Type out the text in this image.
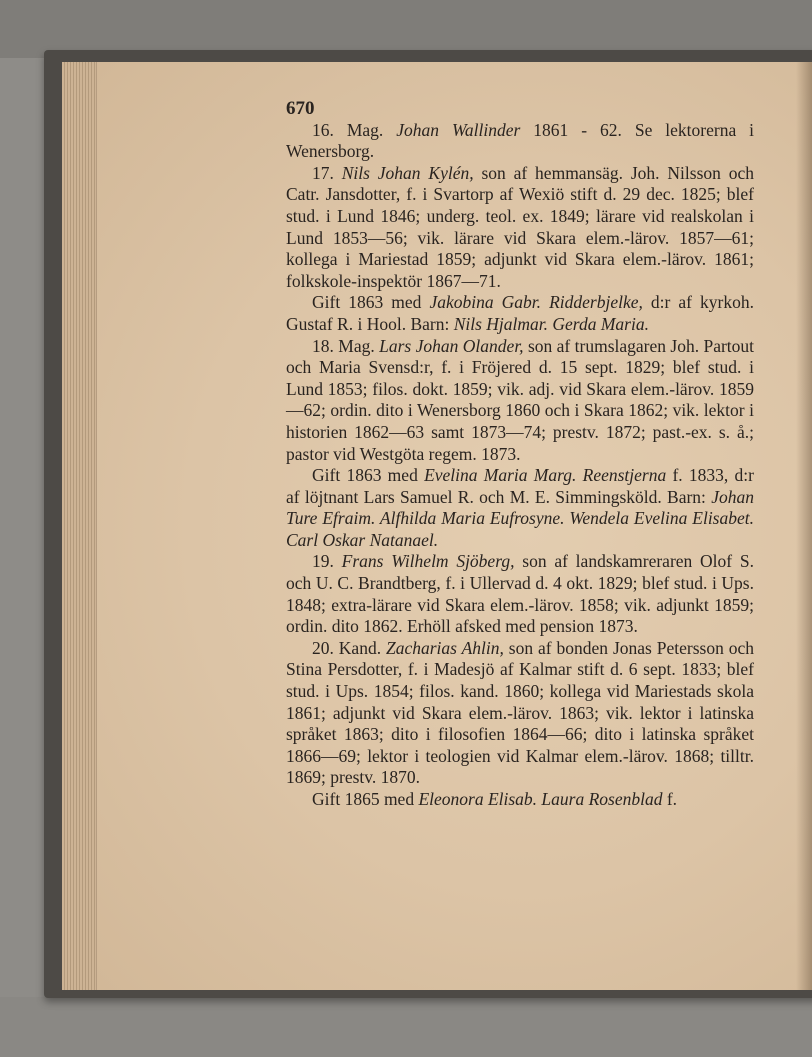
670

16. Mag. Johan Wallinder 1861 - 62. Se lektorerna i Wenersborg.

17. Nils Johan Kylén, son af hemmansäg. Joh. Nilsson och Catr. Jansdotter, f. i Svartorp af Wexiö stift d. 29 dec. 1825; blef stud. i Lund 1846; underg. teol. ex. 1849; lärare vid realskolan i Lund 1853—56; vik. lärare vid Skara elem.-lärov. 1857—61; kollega i Mariestad 1859; adjunkt vid Skara elem.-lärov. 1861; folkskole-inspektör 1867—71.

Gift 1863 med Jakobina Gabr. Ridderbjelke, d:r af kyrkoh. Gustaf R. i Hool. Barn: Nils Hjalmar. Gerda Maria.

18. Mag. Lars Johan Olander, son af trumslagaren Joh. Partout och Maria Svensd:r, f. i Fröjered d. 15 sept. 1829; blef stud. i Lund 1853; filos. dokt. 1859; vik. adj. vid Skara elem.-lärov. 1859—62; ordin. dito i Wenersborg 1860 och i Skara 1862; vik. lektor i historien 1862—63 samt 1873—74; prestv. 1872; past.-ex. s. å.; pastor vid Westgöta regem. 1873.

Gift 1863 med Evelina Maria Marg. Reenstjerna f. 1833, d:r af löjtnant Lars Samuel R. och M. E. Simmingsköld. Barn: Johan Ture Efraim. Alfhilda Maria Eufrosyne. Wendela Evelina Elisabet. Carl Oskar Natanael.

19. Frans Wilhelm Sjöberg, son af landskamreraren Olof S. och U. C. Brandtberg, f. i Ullervad d. 4 okt. 1829; blef stud. i Ups. 1848; extra-lärare vid Skara elem.-lärov. 1858; vik. adjunkt 1859; ordin. dito 1862. Erhöll afsked med pension 1873.

20. Kand. Zacharias Ahlin, son af bonden Jonas Petersson och Stina Persdotter, f. i Madesjö af Kalmar stift d. 6 sept. 1833; blef stud. i Ups. 1854; filos. kand. 1860; kollega vid Mariestads skola 1861; adjunkt vid Skara elem.-lärov. 1863; vik. lektor i latinska språket 1863; dito i filosofien 1864—66; dito i latinska språket 1866—69; lektor i teologien vid Kalmar elem.-lärov. 1868; tilltr. 1869; prestv. 1870.

Gift 1865 med Eleonora Elisab. Laura Rosenblad f.
